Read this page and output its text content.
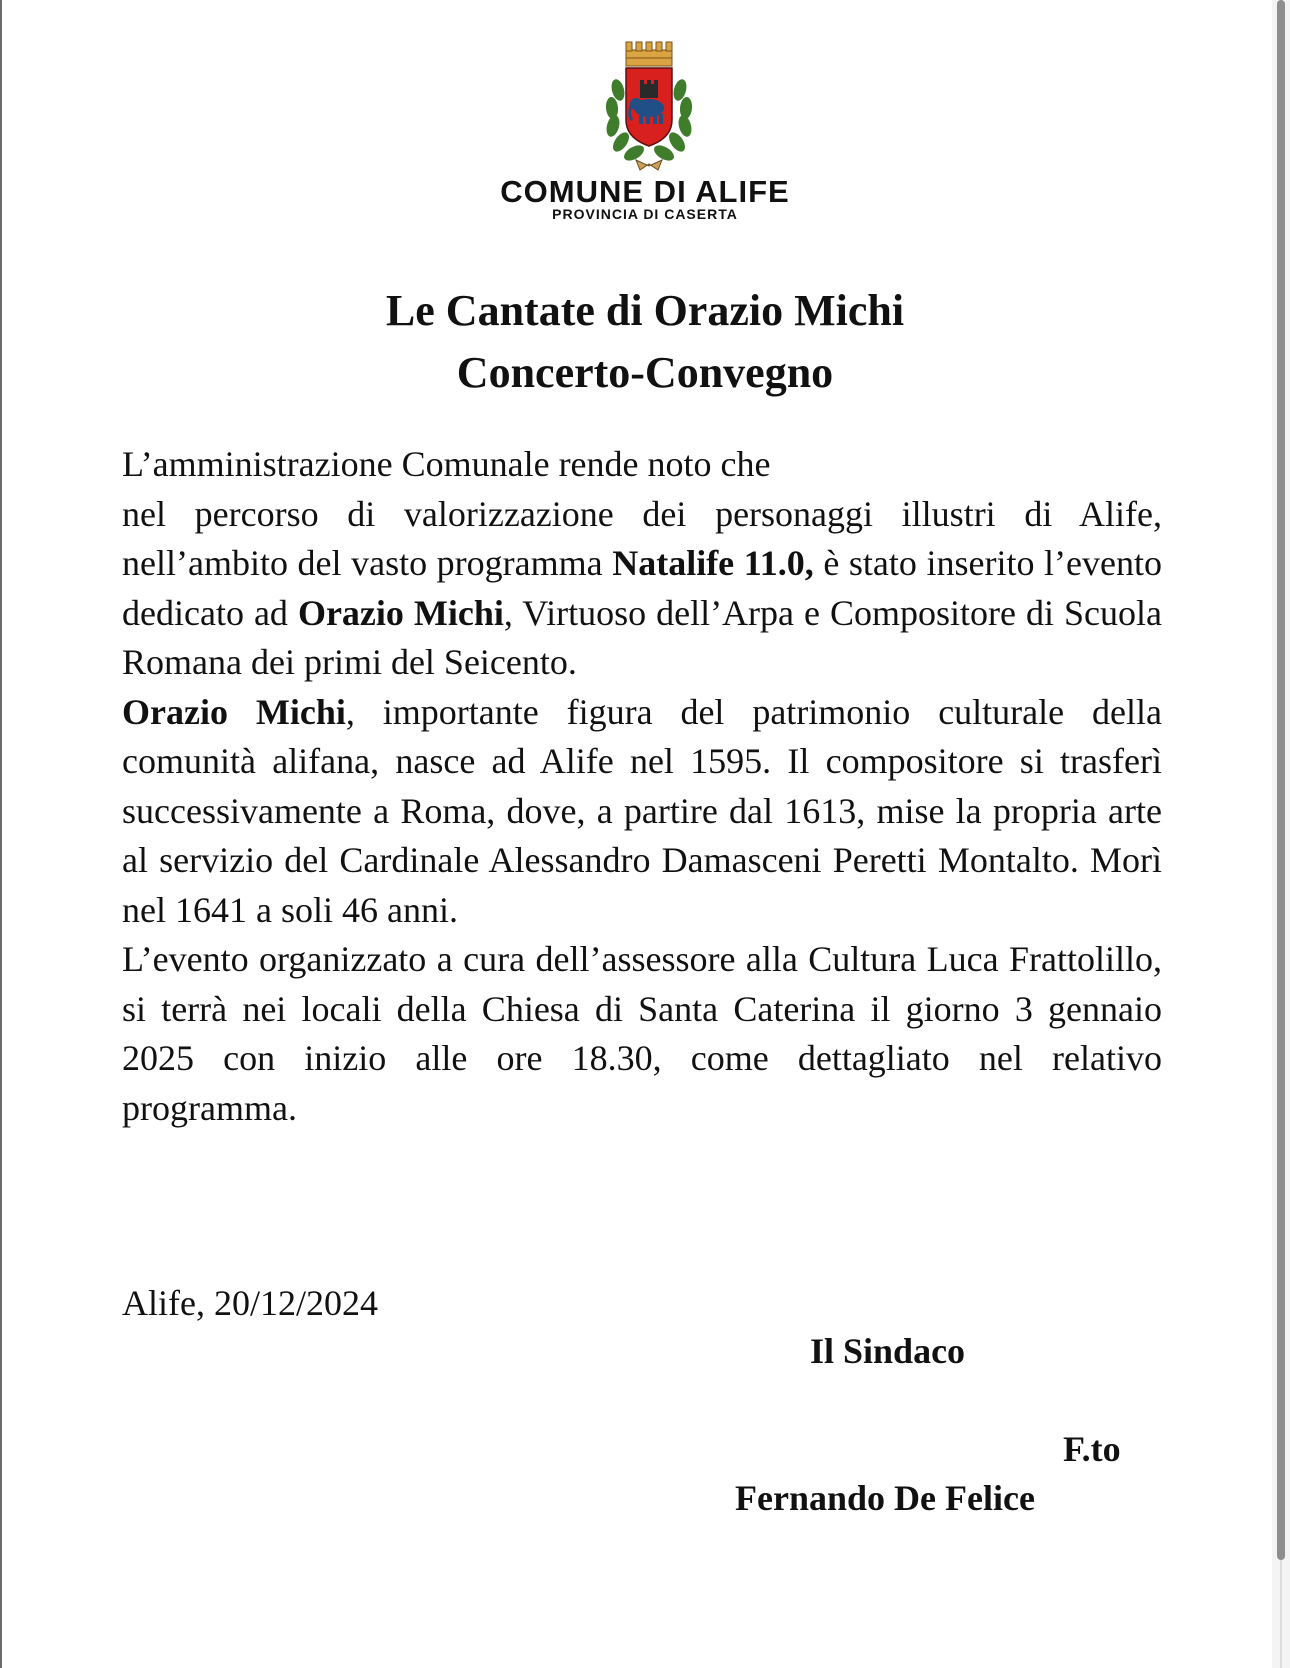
COMUNE DI ALIFE
PROVINCIA DI CASERTA
Le Cantate di Orazio Michi
Concerto-Convegno

L’amministrazione Comunale rende noto che

nel percorso di valorizzazione dei personaggi illustri di Alife, nell’ambito del vasto programma Natalife 11.0, è stato inserito l’evento dedicato ad Orazio Michi, Virtuoso dell’Arpa e Compositore di Scuola Romana dei primi del Seicento.

Orazio Michi, importante figura del patrimonio culturale della comunità alifana, nasce ad Alife nel 1595. Il compositore si trasferì successivamente a Roma, dove, a partire dal 1613, mise la propria arte al servizio del Cardinale Alessandro Damasceni Peretti Montalto. Morì nel 1641 a soli 46 anni.

L’evento organizzato a cura dell’assessore alla Cultura Luca Frattolillo, si terrà nei locali della Chiesa di Santa Caterina il giorno 3 gennaio 2025 con inizio alle ore 18.30, come dettagliato nel relativo programma.

Alife, 20/12/2024
Il Sindaco
F.to
Fernando De Felice
